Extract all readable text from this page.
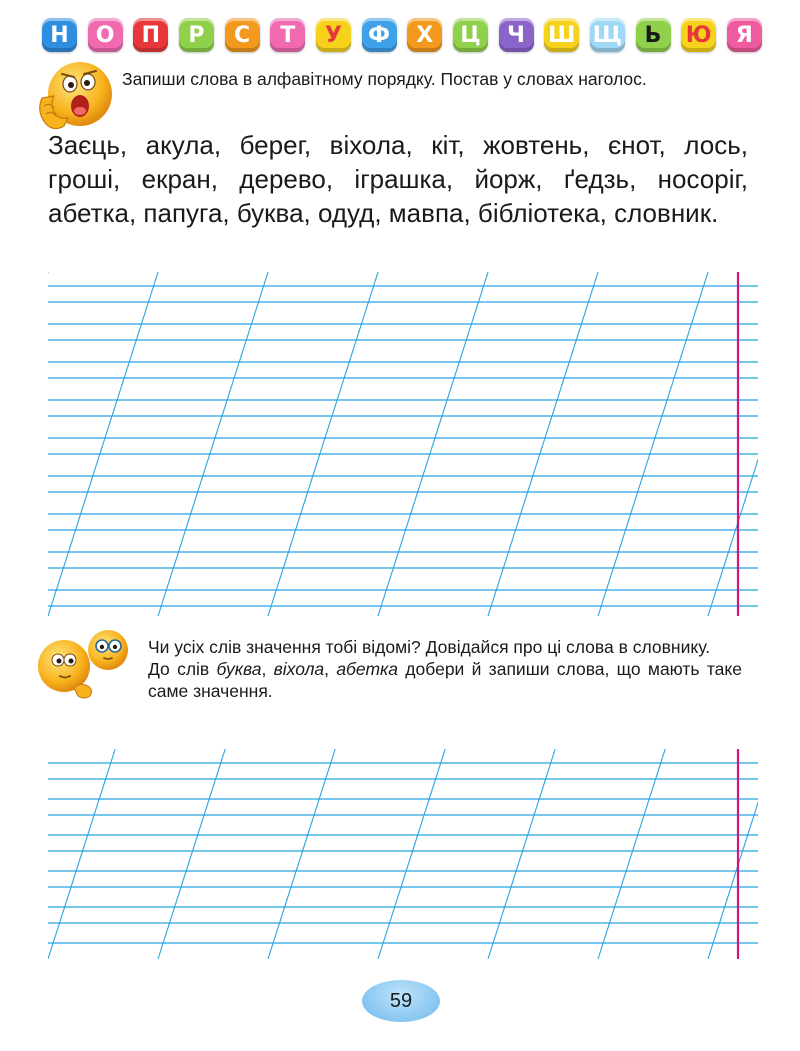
Н	О	П	Р	С	Т	У	Ф	Х	Ц	Ч	Ш Щ	Ь	Ю	Я
Запиши слова в алфавітному порядку. Постав у словах наголос.
Заєць, акула, берег, віхола, кіт, жовтень, єнот, лось, гроші, екран, дерево, іграшка, йорж, ґедзь, носоріг, абетка, папуга, буква, одуд, мавпа, бібліотека, словник.

Чи усіх слів значення тобі відомі? Довідайся про ці слова в словнику.

До слів буква, віхола, абетка добери й запиши слова, що мають таке саме значення.

59
